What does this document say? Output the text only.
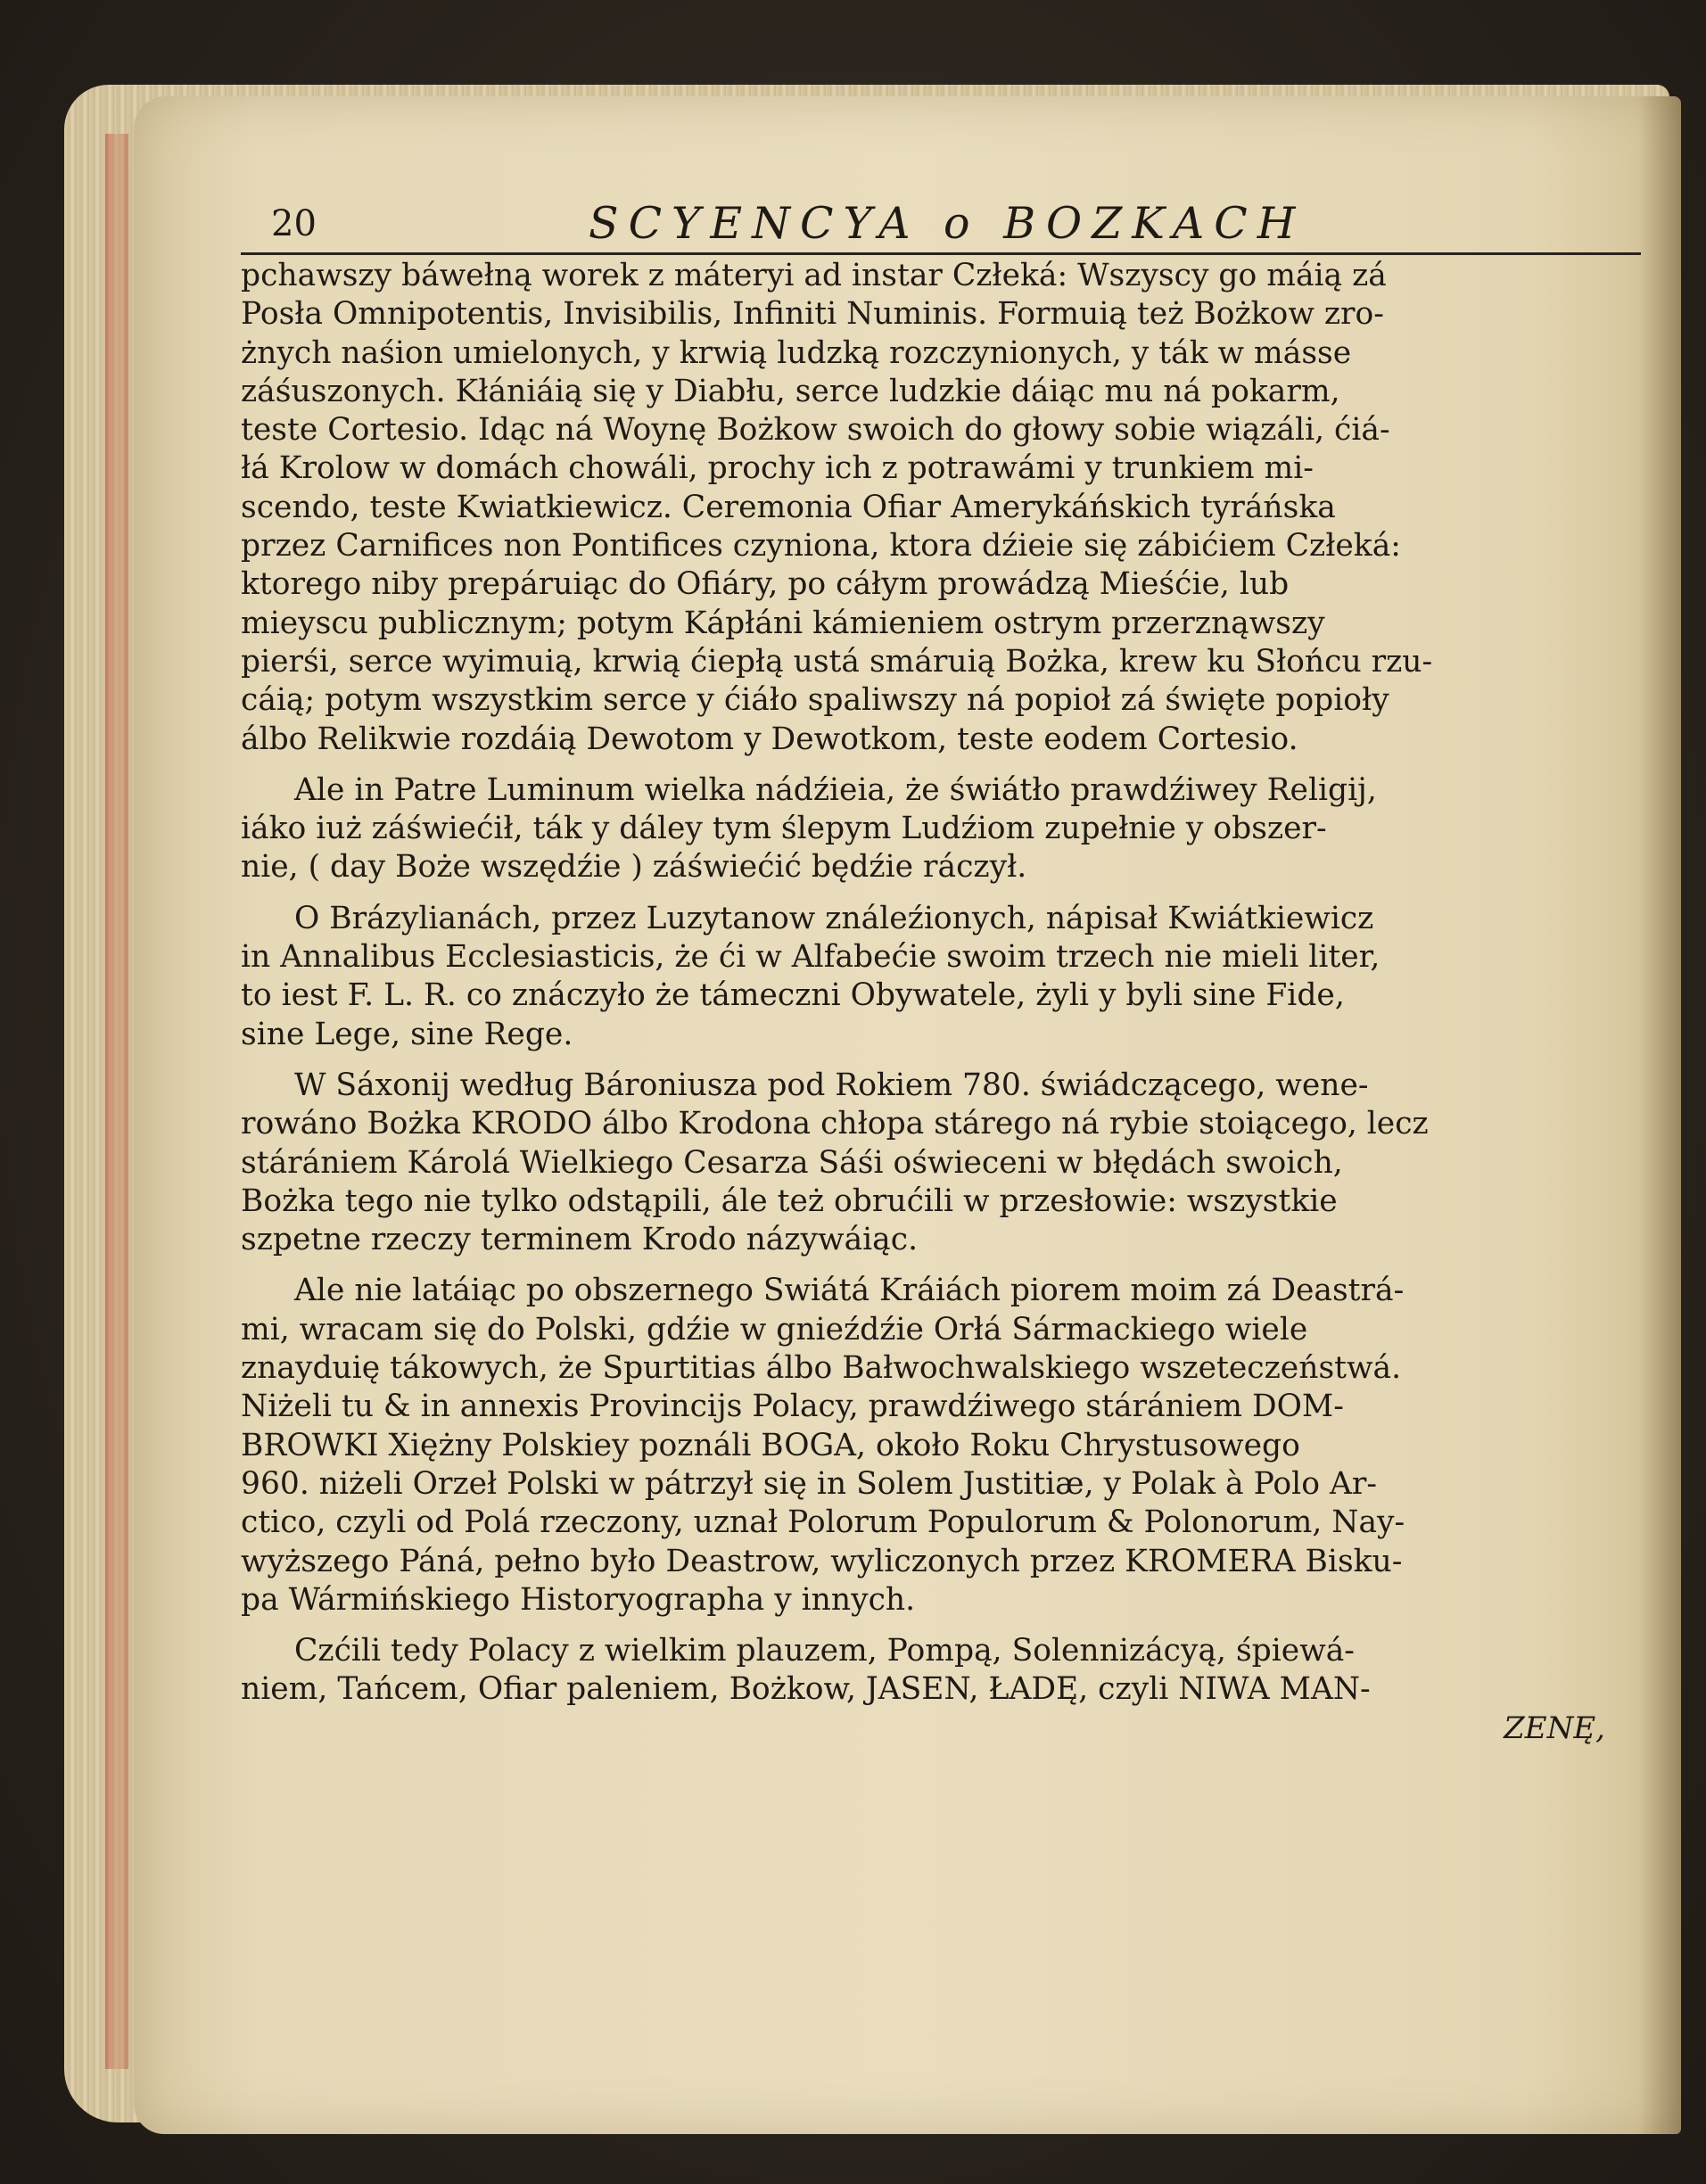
20	SCYENCYA o BOZKACH

pchawszy báwełną worek z máteryi ad instar Człeká: Wszyscy go máią zá

Posła Omnipotentis, Invisibilis, Infiniti Numinis. Formuią też Bożkow zro-

żnych naśion umielonych, y krwią ludzką rozczynionych, y ták w másse

záśuszonych. Kłániáią się y Diabłu, serce ludzkie dáiąc mu ná pokarm,

teste Cortesio. Idąc ná Woynę Bożkow swoich do głowy sobie wiązáli, ćiá-

łá Krolow w domách chowáli, prochy ich z potrawámi y trunkiem mi-

scendo, teste Kwiatkiewicz. Ceremonia Ofiar Amerykáńskich tyráńska

przez Carnifices non Pontifices czyniona, ktora dźieie się zábićiem Człeká:

ktorego niby prepáruiąc do Ofiáry, po cáłym prowádzą Mieśćie, lub

mieyscu publicznym; potym Kápłáni kámieniem ostrym przerznąwszy

pierśi, serce wyimuią, krwią ćiepłą ustá smáruią Bożka, krew ku Słońcu rzu-

cáią; potym wszystkim serce y ćiáło spaliwszy ná popioł zá święte popioły

álbo Relikwie rozdáią Dewotom y Dewotkom, teste eodem Cortesio.

Ale in Patre Luminum wielka nádźieia, że świátło prawdźiwey Religij,

iáko iuż záświećił, ták y dáley tym ślepym Ludźiom zupełnie y obszer-

nie, ( day Boże wszędźie ) záświećić będźie ráczył.

O Brázylianách, przez Luzytanow ználeźionych, nápisał Kwiátkiewicz

in Annalibus Ecclesiasticis, że ći w Alfabećie swoim trzech nie mieli liter,

to iest F. L. R. co znáczyło że támeczni Obywatele, żyli y byli sine Fide,

sine Lege, sine Rege.

W Sáxonij według Bároniusza pod Rokiem 780. świádczącego, wene-

rowáno Bożka KRODO álbo Krodona chłopa stárego ná rybie stoiącego, lecz

stárániem Károlá Wielkiego Cesarza Sáśi oświeceni w błędách swoich,

Bożka tego nie tylko odstąpili, ále też obrućili w przesłowie: wszystkie

szpetne rzeczy terminem Krodo názywáiąc.

Ale nie latáiąc po obszernego Swiátá Kráiách piorem moim zá Deastrá-

mi, wracam się do Polski, gdźie w gnieźdźie Orłá Sármackiego wiele

znayduię tákowych, że Spurtitias álbo Bałwochwalskiego wszeteczeństwá.

Niżeli tu & in annexis Provincijs Polacy, prawdźiwego stárániem DOM-

BROWKI Xiężny Polskiey poználi BOGA, około Roku Chrystusowego

960. niżeli Orzeł Polski w pátrzył się in Solem Justitiæ, y Polak à Polo Ar-

ctico, czyli od Polá rzeczony, uznał Polorum Populorum & Polonorum, Nay-

wyższego Páná, pełno było Deastrow, wyliczonych przez KROMERA Bisku-

pa Wármińskiego Historyographa y innych.

Czćili tedy Polacy z wielkim plauzem, Pompą, Solennizácyą, śpiewá-

niem, Tańcem, Ofiar paleniem, Bożkow, JASEN, ŁADĘ, czyli NIWA MAN-

ZENĘ,
